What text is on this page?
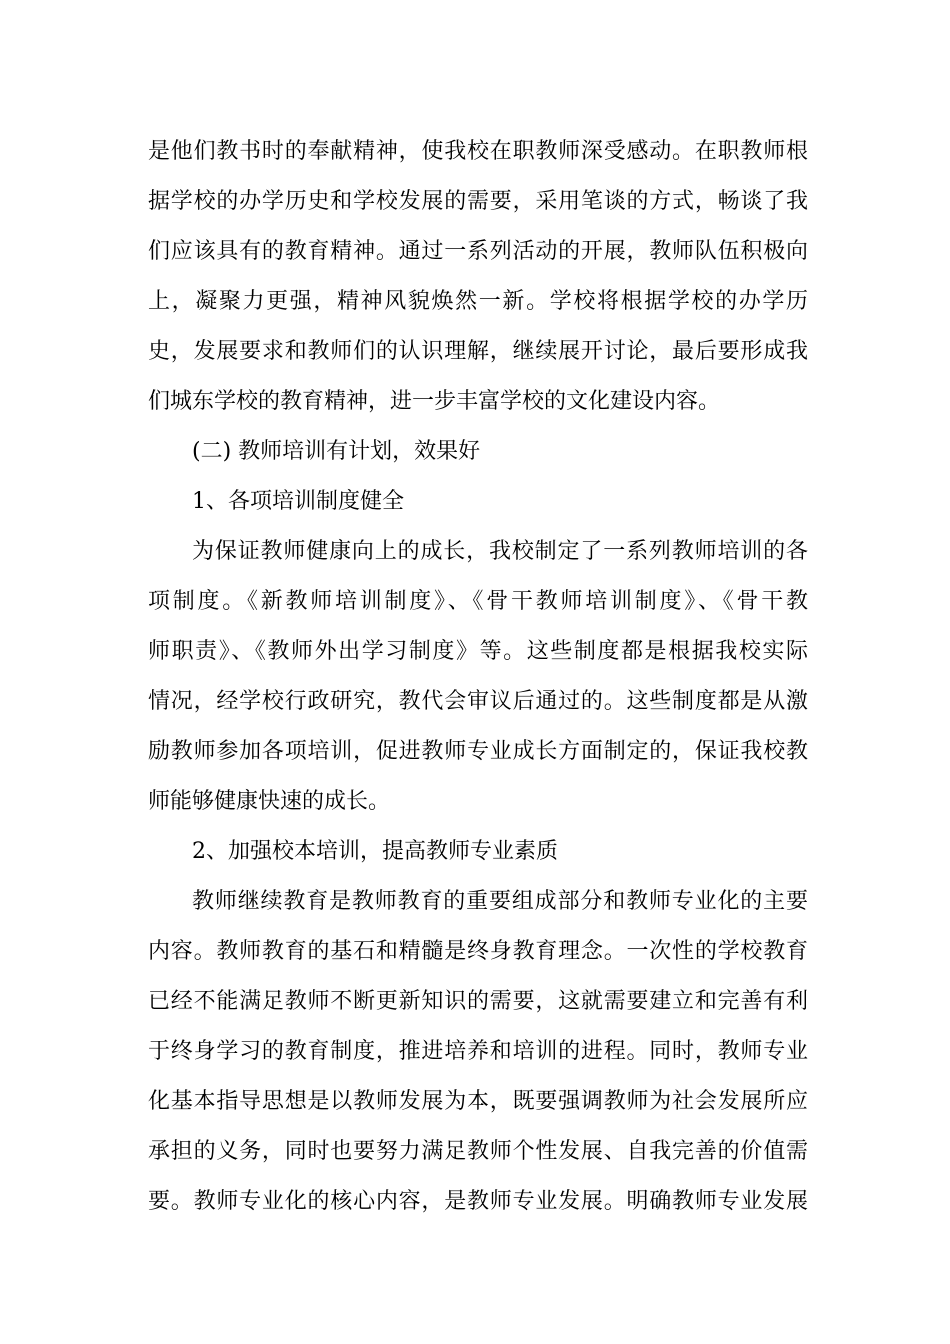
是他们教书时的奉献精神，使我校在职教师深受感动。在职教师根
据学校的办学历史和学校发展的需要，采用笔谈的方式，畅谈了我
们应该具有的教育精神。通过一系列活动的开展，教师队伍积极向
上，凝聚力更强，精神风貌焕然一新。学校将根据学校的办学历
史，发展要求和教师们的认识理解，继续展开讨论，最后要形成我
们城东学校的教育精神，进一步丰富学校的文化建设内容。
(二) 教师培训有计划，效果好
1、各项培训制度健全
为保证教师健康向上的成长，我校制定了一系列教师培训的各
项制度。《新教师培训制度》、《骨干教师培训制度》、《骨干教
师职责》、《教师外出学习制度》等。这些制度都是根据我校实际
情况，经学校行政研究，教代会审议后通过的。这些制度都是从激
励教师参加各项培训，促进教师专业成长方面制定的，保证我校教
师能够健康快速的成长。
2、加强校本培训，提高教师专业素质
教师继续教育是教师教育的重要组成部分和教师专业化的主要
内容。教师教育的基石和精髓是终身教育理念。一次性的学校教育
已经不能满足教师不断更新知识的需要，这就需要建立和完善有利
于终身学习的教育制度，推进培养和培训的进程。同时，教师专业
化基本指导思想是以教师发展为本，既要强调教师为社会发展所应
承担的义务，同时也要努力满足教师个性发展、自我完善的价值需
要。教师专业化的核心内容，是教师专业发展。明确教师专业发展
